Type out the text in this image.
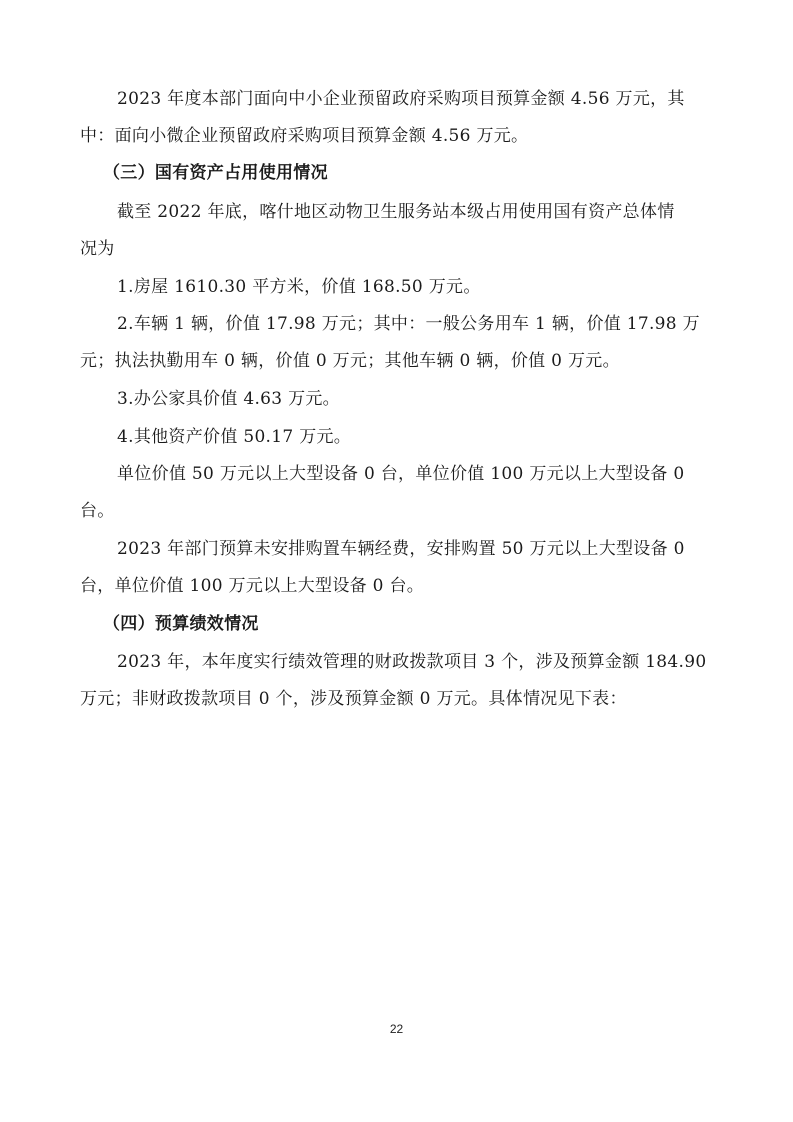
2023 年度本部门面向中小企业预留政府采购项目预算金额 4.56 万元，其
中：面向小微企业预留政府采购项目预算金额 4.56 万元。
（三）国有资产占用使用情况
截至 2022 年底，喀什地区动物卫生服务站本级占用使用国有资产总体情
况为
1.房屋 1610.30 平方米，价值 168.50 万元。
2.车辆 1 辆，价值 17.98 万元；其中：一般公务用车 1 辆，价值 17.98 万
元；执法执勤用车 0 辆，价值 0 万元；其他车辆 0 辆，价值 0 万元。
3.办公家具价值 4.63 万元。
4.其他资产价值 50.17 万元。
单位价值 50 万元以上大型设备 0 台，单位价值 100 万元以上大型设备 0
台。
2023 年部门预算未安排购置车辆经费，安排购置 50 万元以上大型设备 0
台，单位价值 100 万元以上大型设备 0 台。
（四）预算绩效情况
2023 年，本年度实行绩效管理的财政拨款项目 3 个，涉及预算金额 184.90
万元；非财政拨款项目 0 个，涉及预算金额 0 万元。具体情况见下表：
22
